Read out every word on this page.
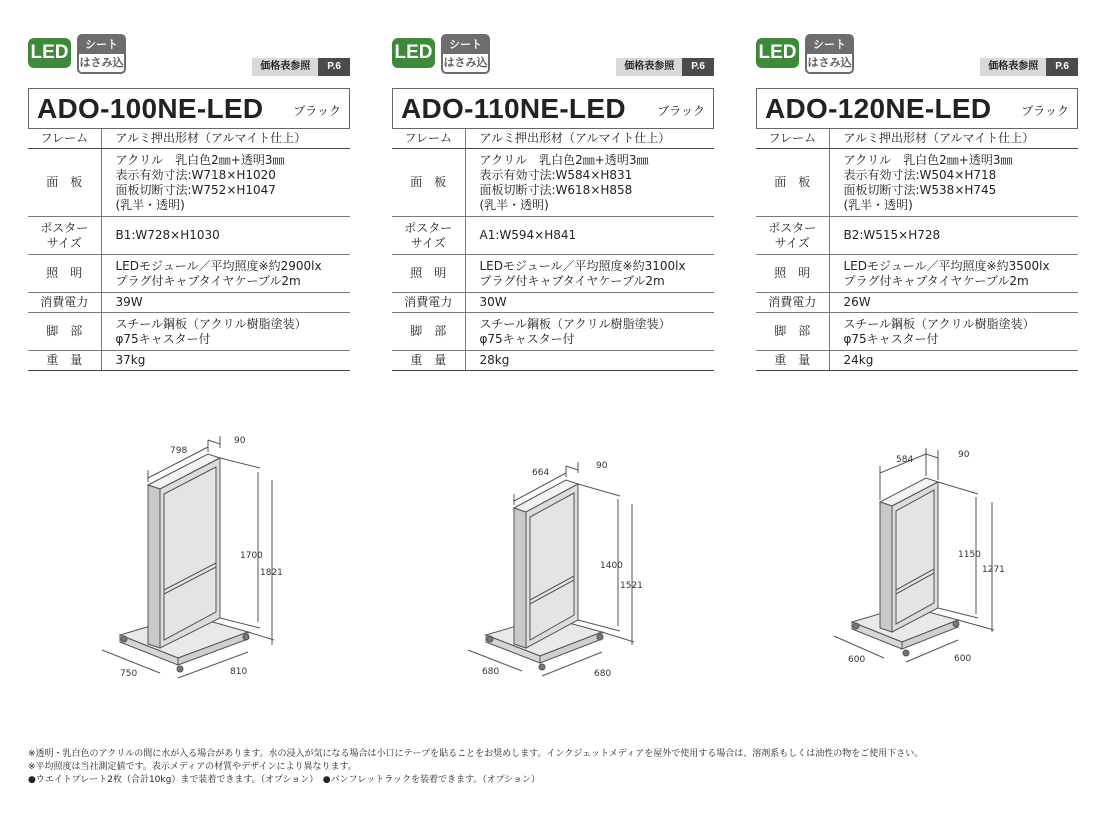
LED	シート
はさみ込	価格表参照	P.6
ADO-100NE-LED ブラック
フレーム	アルミ押出形材（アルマイト仕上）
面　板	アクリル　乳白色2㎜+透明3㎜
表示有効寸法:W718×H1020
面板切断寸法:W752×H1047
(乳半・透明)
ポスター
サイズ	B1:W728×H1030
照　明	LEDモジュール／平均照度※約2900lx
プラグ付キャブタイヤケーブル2m
消費電力	39W
脚　部	スチール鋼板（アクリル樹脂塗装）
φ75キャスター付
重　量	37kg
LED	シート
はさみ込	価格表参照	P.6
ADO-110NE-LED	ブラック
フレーム	アルミ押出形材（アルマイト仕上）
面　板	アクリル　乳白色2㎜+透明3㎜
表示有効寸法:W584×H831
面板切断寸法:W618×H858
(乳半・透明)
ポスター
サイズ	A1:W594×H841
照　明	LEDモジュール／平均照度※約3100lx
プラグ付キャブタイヤケーブル2m
消費電力	30W
脚　部	スチール鋼板（アクリル樹脂塗装）
φ75キャスター付
重　量	28kg
LED	シート
はさみ込	価格表参照	P.6
ADO-120NE-LED ブラック
フレーム	アルミ押出形材（アルマイト仕上）
面　板	アクリル　乳白色2㎜+透明3㎜
表示有効寸法:W504×H718
面板切断寸法:W538×H745
(乳半・透明)
ポスター
サイズ	B2:W515×H728
照　明	LEDモジュール／平均照度※約3500lx
プラグ付キャブタイヤケーブル2m
消費電力	26W
脚　部	スチール鋼板（アクリル樹脂塗装）
φ75キャスター付
重　量	24kg
798
90
1700
1821
750	810
664
90
1400
1521
680	680
584	90
1150
1271
600	600
※透明・乳白色のアクリルの間に水が入る場合があります。水の浸入が気になる場合は小口にテープを貼ることをお奨めします。インクジェットメディアを屋外で使用する場合は、溶剤系もしくは油性の物をご使用下さい。
※平均照度は当社測定値です。表示メディアの材質やデザインにより異なります。
●ウエイトプレート2枚（合計10kg）まで装着できます。（オプション）　●パンフレットラックを装着できます。（オプション）
